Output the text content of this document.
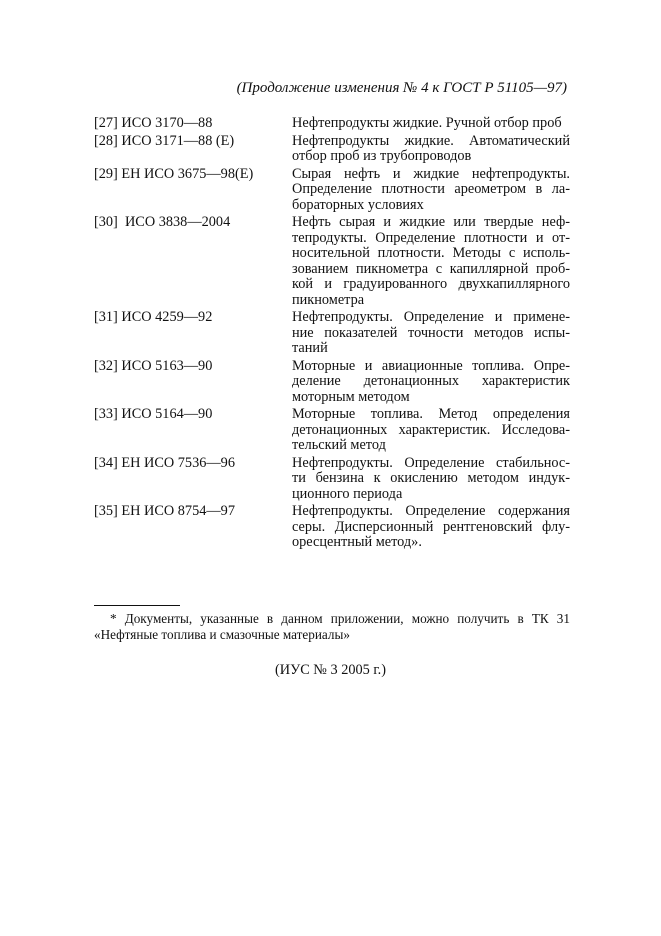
(Продолжение изменения № 4 к ГОСТ Р 51105—97)
[27] ИСО 3170—88	Нефтепродукты жидкие. Ручной отбор проб
[28] ИСО 3171—88 (Е)	Нефтепродукты жидкие. Автоматический
отбор проб из трубопроводов
[29] ЕН ИСО 3675—98(Е)	Сырая нефть и жидкие нефтепродукты.
Определение плотности ареометром в ла-
бораторных условиях
[30]  ИСО 3838—2004	Нефть сырая и жидкие или твердые неф-
тепродукты. Определение плотности и от-
носительной плотности. Методы с исполь-
зованием пикнометра с капиллярной проб-
кой и градуированного двухкапиллярного
пикнометра
[31] ИСО 4259—92	Нефтепродукты. Определение и примене-
ние показателей точности методов испы-
таний
[32] ИСО 5163—90	Моторные и авиационные топлива. Опре-
деление детонационных характеристик
моторным методом
[33] ИСО 5164—90	Моторные топлива. Метод определения
детонационных характеристик. Исследова-
тельский метод
[34] ЕН ИСО 7536—96	Нефтепродукты. Определение стабильнос-
ти бензина к окислению методом индук-
ционного периода
[35] ЕН ИСО 8754—97	Нефтепродукты. Определение содержания
серы. Дисперсионный рентгеновский флу-
оресцентный метод».
* Документы, указанные в данном приложении, можно получить в ТК 31
«Нефтяные топлива и смазочные материалы»
(ИУС № 3 2005 г.)
